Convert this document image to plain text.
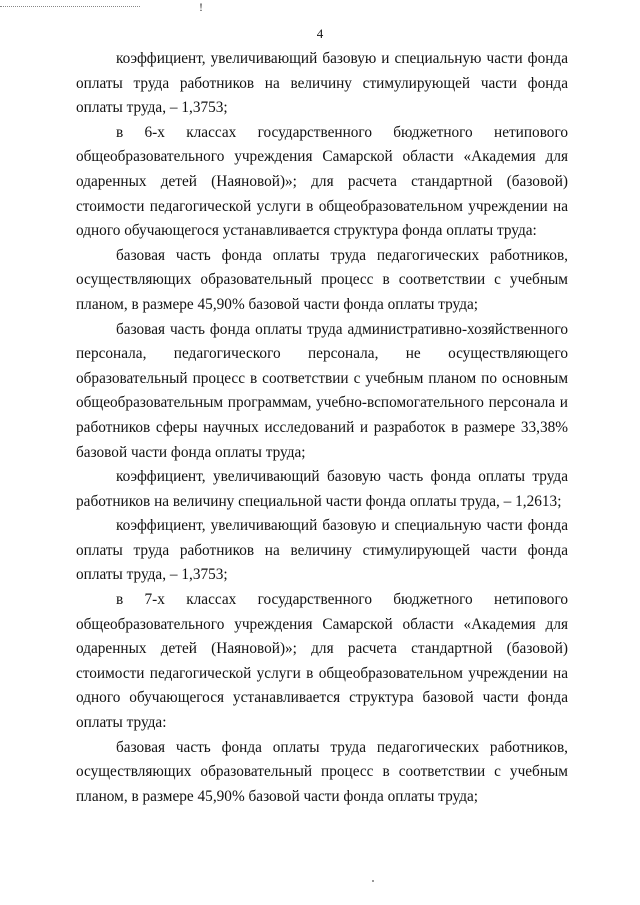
!
4

коэффициент, увеличивающий базовую и специальную части фонда оплаты труда работников на величину стимулирующей части фонда оплаты труда, – 1,3753;

в 6-х классах государственного бюджетного нетипового общеобразовательного учреждения Самарской области «Академия для одаренных детей (Наяновой)»; для расчета стандартной (базовой) стоимости педагогической услуги в общеобразовательном учреждении на одного обучающегося устанавливается структура фонда оплаты труда:

базовая часть фонда оплаты труда педагогических работников, осуществляющих образовательный процесс в соответствии с учебным планом, в размере 45,90% базовой части фонда оплаты труда;

базовая часть фонда оплаты труда административно-хозяйственного персонала, педагогического персонала, не осуществляющего образовательный процесс в соответствии с учебным планом по основным общеобразовательным программам, учебно-вспомогательного персонала и работников сферы научных исследований и разработок в размере 33,38% базовой части фонда оплаты труда;

коэффициент, увеличивающий базовую часть фонда оплаты труда работников на величину специальной части фонда оплаты труда, – 1,2613;

коэффициент, увеличивающий базовую и специальную части фонда оплаты труда работников на величину стимулирующей части фонда оплаты труда, – 1,3753;

в 7-х классах государственного бюджетного нетипового общеобразовательного учреждения Самарской области «Академия для одаренных детей (Наяновой)»; для расчета стандартной (базовой) стоимости педагогической услуги в общеобразовательном учреждении на одного обучающегося устанавливается структура базовой части фонда оплаты труда:

базовая часть фонда оплаты труда педагогических работников, осуществляющих образовательный процесс в соответствии с учебным планом, в размере 45,90% базовой части фонда оплаты труда;
